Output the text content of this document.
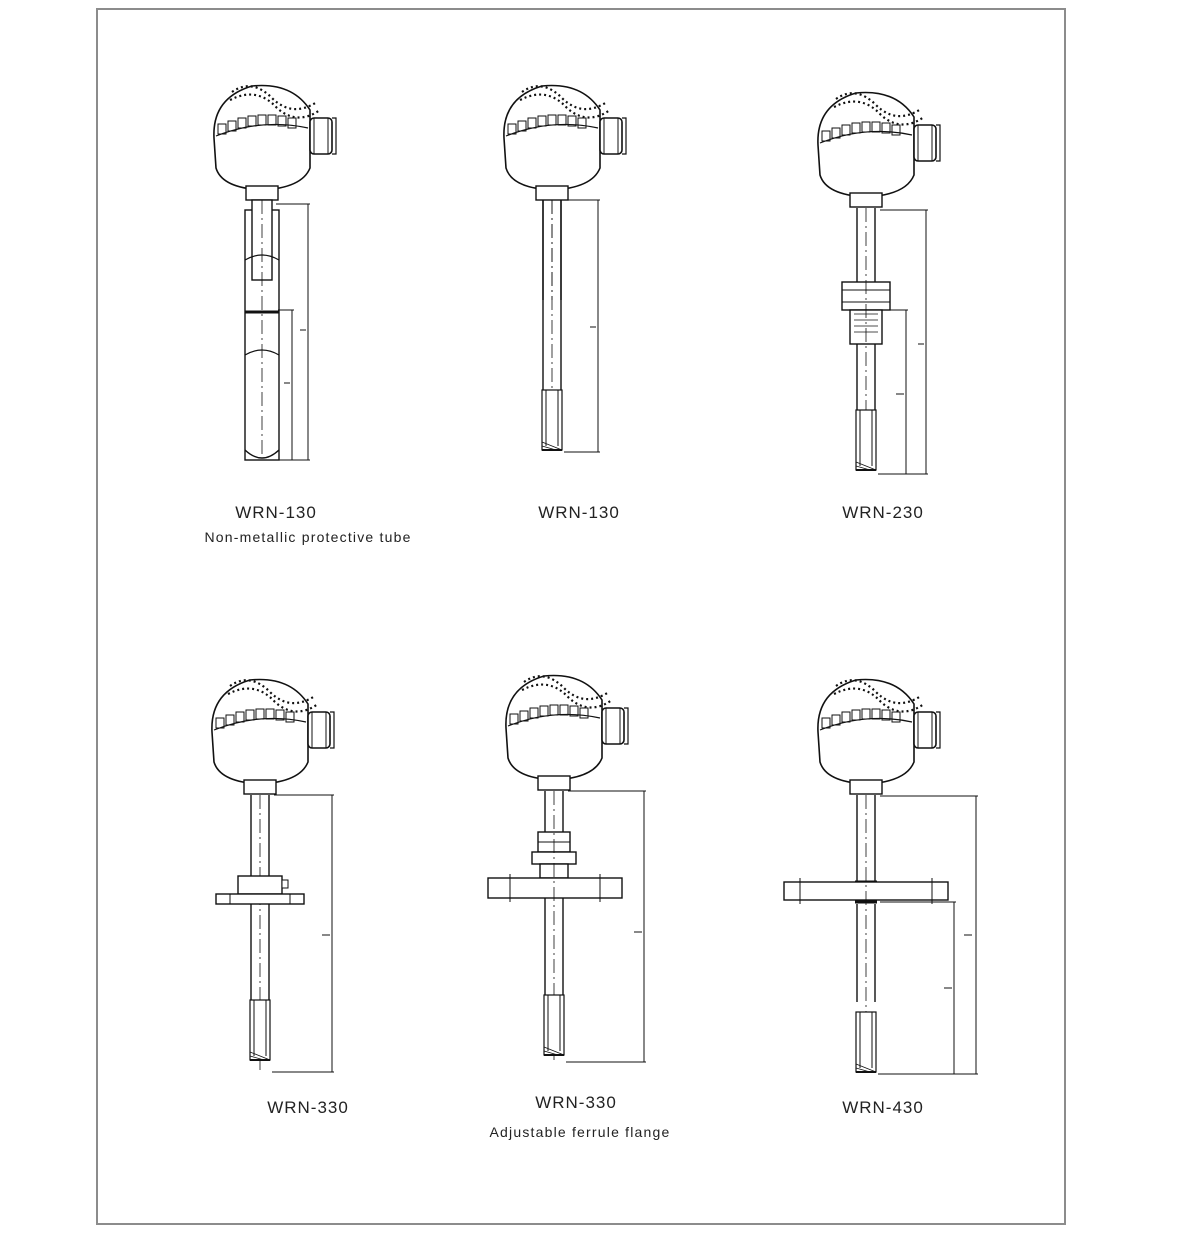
WRN-130
Non-metallic protective tube
WRN-130	WRN-230
WRN-330	WRN-330
Adjustable ferrule flange
WRN-430
